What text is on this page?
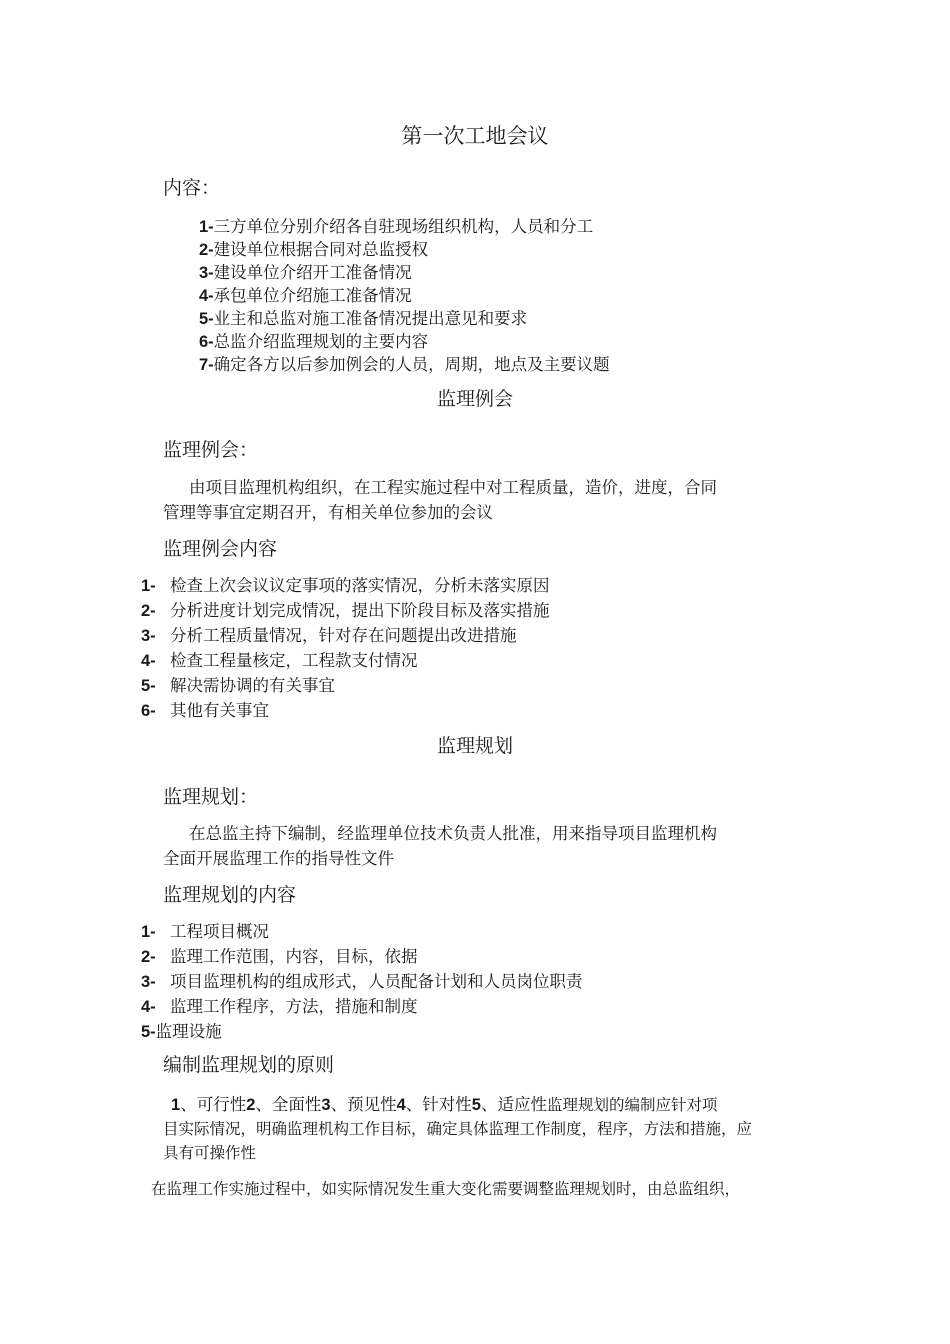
第一次工地会议
内容：
1-三方单位分别介绍各自驻现场组织机构，人员和分工
2-建设单位根据合同对总监授权
3-建设单位介绍开工准备情况
4-承包单位介绍施工准备情况
5-业主和总监对施工准备情况提出意见和要求
6-总监介绍监理规划的主要内容
7-确定各方以后参加例会的人员，周期，地点及主要议题
监理例会
监理例会：
由项目监理机构组织，在工程实施过程中对工程质量，造价，进度，合同
管理等事宜定期召开，有相关单位参加的会议
监理例会内容
1- 检查上次会议议定事项的落实情况，分析未落实原因
2- 分析进度计划完成情况，提出下阶段目标及落实措施
3- 分析工程质量情况，针对存在问题提出改进措施
4- 检查工程量核定，工程款支付情况
5- 解决需协调的有关事宜
6- 其他有关事宜
监理规划
监理规划：
在总监主持下编制，经监理单位技术负责人批准，用来指导项目监理机构
全面开展监理工作的指导性文件
监理规划的内容
1- 工程项目概况
2- 监理工作范围，内容，目标，依据
3- 项目监理机构的组成形式，人员配备计划和人员岗位职责
4- 监理工作程序，方法，措施和制度
5-监理设施
编制监理规划的原则
1、可行性2、全面性3、预见性4、针对性5、适应性监理规划的编制应针对项
目实际情况，明确监理机构工作目标，确定具体监理工作制度，程序，方法和措施，应
具有可操作性
在监理工作实施过程中，如实际情况发生重大变化需要调整监理规划时，由总监组织，
